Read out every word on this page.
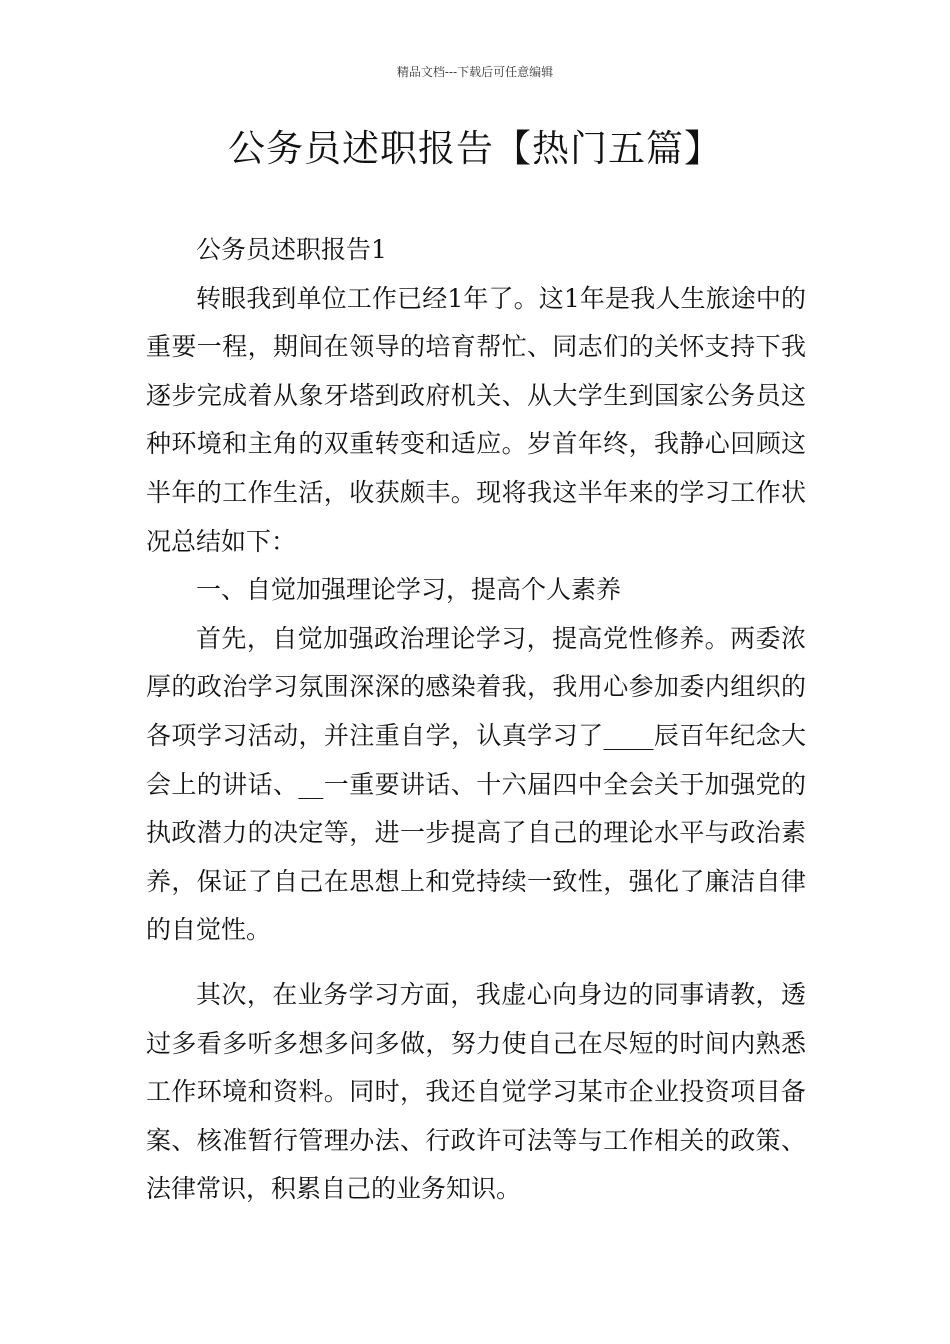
精品文档---下载后可任意编辑
公务员述职报告【热门五篇】

公务员述职报告1

转眼我到单位工作已经1年了。这1年是我人生旅途中的重要一程，期间在领导的培育帮忙、同志们的关怀支持下我逐步完成着从象牙塔到政府机关、从大学生到国家公务员这种环境和主角的双重转变和适应。岁首年终，我静心回顾这半年的工作生活，收获颇丰。现将我这半年来的学习工作状况总结如下：

一、自觉加强理论学习，提高个人素养

首先，自觉加强政治理论学习，提高党性修养。两委浓厚的政治学习氛围深深的感染着我，我用心参加委内组织的各项学习活动，并注重自学，认真学习了____辰百年纪念大会上的讲话、__一重要讲话、十六届四中全会关于加强党的执政潜力的决定等，进一步提高了自己的理论水平与政治素养，保证了自己在思想上和党持续一致性，强化了廉洁自律的自觉性。

其次，在业务学习方面，我虚心向身边的同事请教，透过多看多听多想多问多做，努力使自己在尽短的时间内熟悉工作环境和资料。同时，我还自觉学习某市企业投资项目备案、核准暂行管理办法、行政许可法等与工作相关的政策、法律常识，积累自己的业务知识。
